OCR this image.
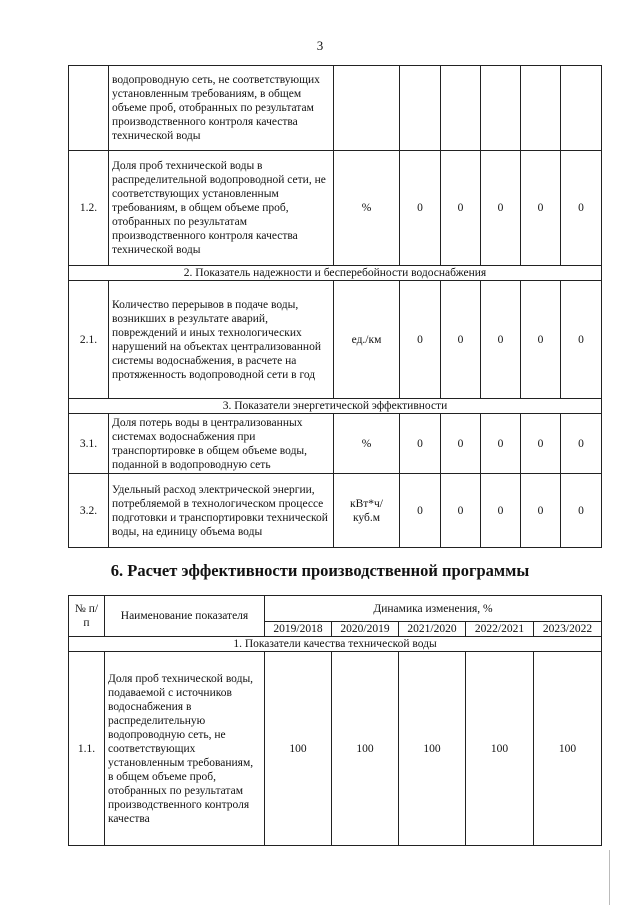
3
	водопроводную сеть, не соответствующих установленным требованиям, в общем объеме проб, отобранных по результатам производственного контроля качества технической воды						
1.2.	Доля проб технической воды в распределительной водопроводной сети, не соответствующих установленным требованиям, в общем объеме проб, отобранных по результатам производственного контроля качества технической воды	%	0	0	0	0	0
2. Показатель надежности и бесперебойности водоснабжения							
2.1.	Количество перерывов в подаче воды, возникших в результате аварий, повреждений и иных технологических нарушений на объектах централизованной системы водоснабжения, в расчете на протяженность водопроводной сети в год	ед./км	0	0	0	0	0
3. Показатели энергетической эффективности							
3.1.	Доля потерь воды в централизованных системах водоснабжения при транспортировке в общем объеме воды, поданной в водопроводную сеть	%	0	0	0	0	0
3.2.	Удельный расход электрической энергии, потребляемой в технологическом процессе подготовки и транспортировки технической воды, на единицу объема воды	кВт*ч/ куб.м	0	0	0	0	0
6. Расчет эффективности производственной программы
№ п/п	Наименование показателя	Динамика изменения, %				
		2019/2018	2020/2019	2021/2020	2022/2021	2023/2022
1. Показатели качества технической воды						
1.1.	Доля проб технической воды, подаваемой с источников водоснабжения в распределительную водопроводную сеть, не соответствующих установленным требованиям, в общем объеме проб, отобранных по результатам производственного контроля качества	100	100	100	100	100
